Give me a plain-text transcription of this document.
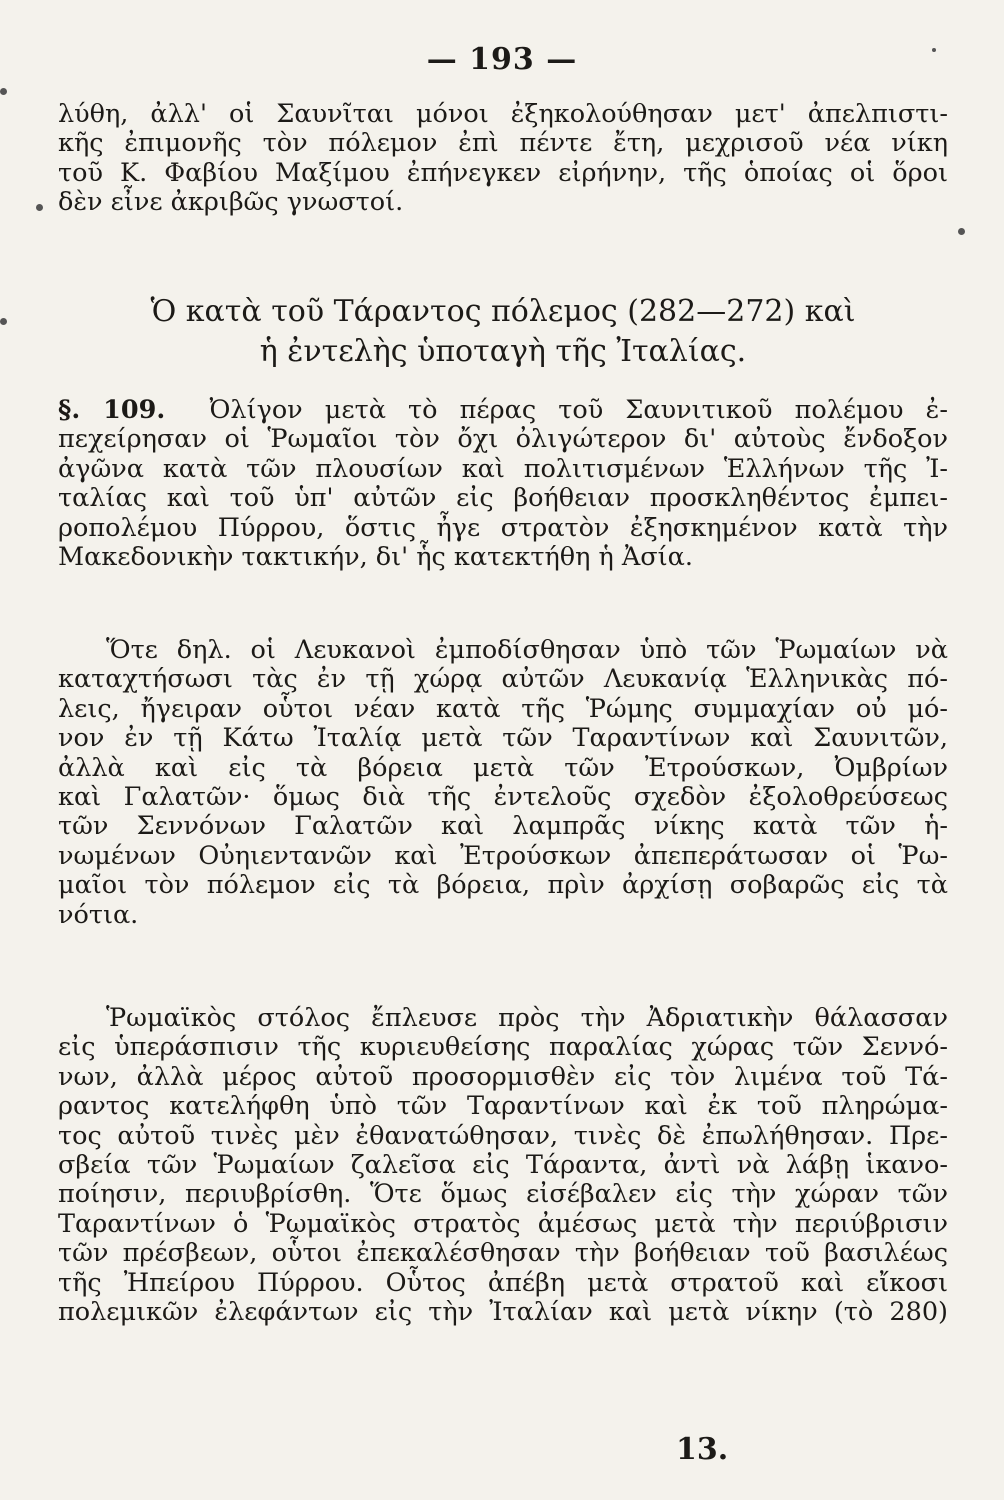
— 193 —
λύθη, ἀλλ' οἱ Σαυνῖται μόνοι ἐξηκολούθησαν μετ' ἀπελπιστι-
κῆς ἐπιμονῆς τὸν πόλεμον ἐπὶ πέντε ἔτη, μεχρισοῦ νέα νίκη
τοῦ Κ. Φαβίου Μαξίμου ἐπήνεγκεν εἰρήνην, τῆς ὁποίας οἱ ὅροι
δὲν εἶνε ἀκριβῶς γνωστοί.
Ὁ κατὰ τοῦ Τάραντος πόλεμος (282—272) καὶ
ἡ ἐντελὴς ὑποταγὴ τῆς Ἰταλίας.
§. 109. Ὀλίγον μετὰ τὸ πέρας τοῦ Σαυνιτικοῦ πολέμου ἐ-
πεχείρησαν οἱ Ῥωμαῖοι τὸν ὄχι ὀλιγώτερον δι' αὐτοὺς ἔνδοξον
ἀγῶνα κατὰ τῶν πλουσίων καὶ πολιτισμένων Ἑλλήνων τῆς Ἰ-
ταλίας καὶ τοῦ ὑπ' αὐτῶν εἰς βοήθειαν προσκληθέντος ἐμπει-
ροπολέμου Πύρρου, ὅστις ἦγε στρατὸν ἐξησκημένον κατὰ τὴν
Μακεδονικὴν τακτικήν, δι' ἧς κατεκτήθη ἡ Ἀσία.
Ὅτε δηλ. οἱ Λευκανοὶ ἐμποδίσθησαν ὑπὸ τῶν Ῥωμαίων νὰ
καταχτήσωσι τὰς ἐν τῇ χώρᾳ αὐτῶν Λευκανίᾳ Ἑλληνικὰς πό-
λεις, ἤγειραν οὗτοι νέαν κατὰ τῆς Ῥώμης συμμαχίαν οὐ μό-
νον ἐν τῇ Κάτω Ἰταλίᾳ μετὰ τῶν Ταραντίνων καὶ Σαυνιτῶν,
ἀλλὰ καὶ εἰς τὰ βόρεια μετὰ τῶν Ἐτρούσκων, Ὀμβρίων
καὶ Γαλατῶν· ὅμως διὰ τῆς ἐντελοῦς σχεδὸν ἐξολοθρεύσεως
τῶν Σεννόνων Γαλατῶν καὶ λαμπρᾶς νίκης κατὰ τῶν ἡ-
νωμένων Οὐηιεντανῶν καὶ Ἐτρούσκων ἀπεπεράτωσαν οἱ Ῥω-
μαῖοι τὸν πόλεμον εἰς τὰ βόρεια, πρὶν ἀρχίσῃ σοβαρῶς εἰς τὰ
νότια.
Ῥωμαϊκὸς στόλος ἔπλευσε πρὸς τὴν Ἀδριατικὴν θάλασσαν
εἰς ὑπεράσπισιν τῆς κυριευθείσης παραλίας χώρας τῶν Σεννό-
νων, ἀλλὰ μέρος αὐτοῦ προσορμισθὲν εἰς τὸν λιμένα τοῦ Τά-
ραντος κατελήφθη ὑπὸ τῶν Ταραντίνων καὶ ἐκ τοῦ πληρώμα-
τος αὐτοῦ τινὲς μὲν ἐθανατώθησαν, τινὲς δὲ ἐπωλήθησαν. Πρε-
σβεία τῶν Ῥωμαίων ζαλεῖσα εἰς Τάραντα, ἀντὶ νὰ λάβῃ ἱκανο-
ποίησιν, περιυβρίσθη. Ὅτε ὅμως εἰσέβαλεν εἰς τὴν χώραν τῶν
Ταραντίνων ὁ Ῥωμαϊκὸς στρατὸς ἀμέσως μετὰ τὴν περιύβρισιν
τῶν πρέσβεων, οὗτοι ἐπεκαλέσθησαν τὴν βοήθειαν τοῦ βασιλέως
τῆς Ἠπείρου Πύρρου. Οὗτος ἀπέβη μετὰ στρατοῦ καὶ εἴκοσι
πολεμικῶν ἐλεφάντων εἰς τὴν Ἰταλίαν καὶ μετὰ νίκην (τὸ 280)
13.
